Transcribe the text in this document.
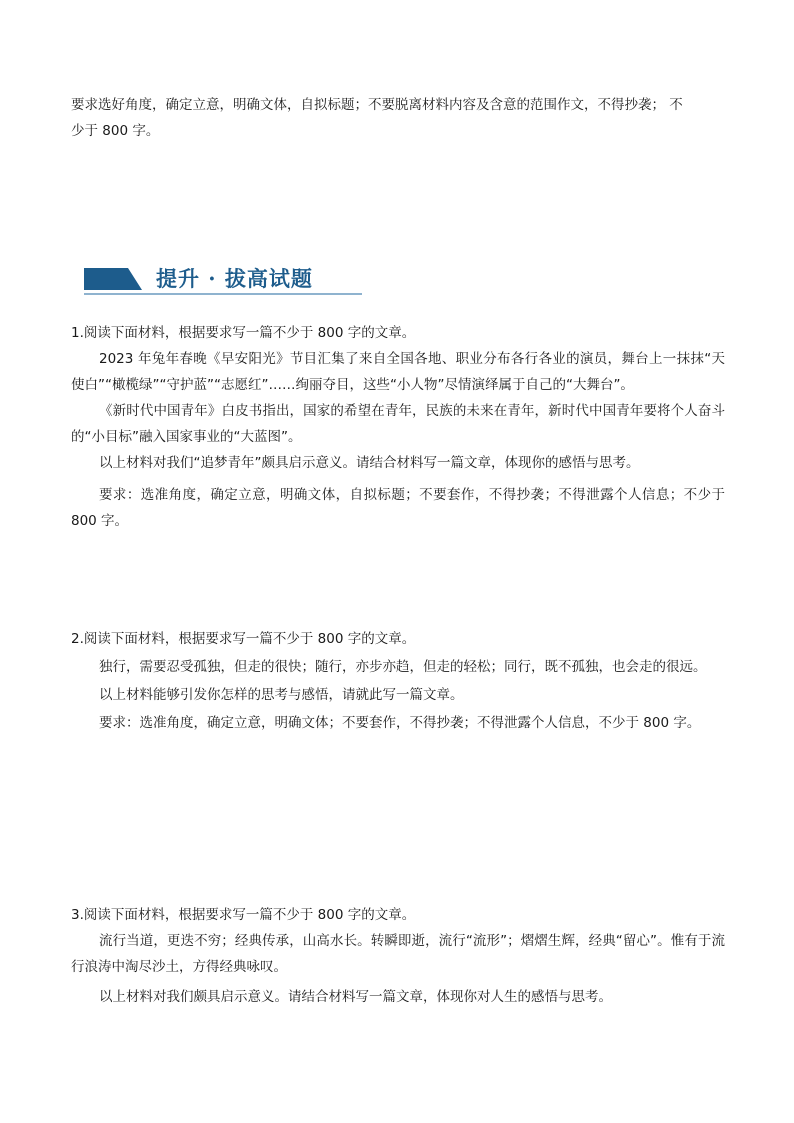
要求选好角度，确定立意，明确文体，自拟标题；不要脱离材料内容及含意的范围作文，不得抄袭； 不
少于 800 字。

提升 · 拔高试题

1.阅读下面材料，根据要求写一篇不少于 800 字的文章。

2023 年兔年春晚《早安阳光》节目汇集了来自全国各地、职业分布各行各业的演员，舞台上一抹抹“天使白”“橄榄绿”“守护蓝”“志愿红”……绚丽夺目，这些“小人物”尽情演绎属于自己的“大舞台”。

《新时代中国青年》白皮书指出，国家的希望在青年，民族的未来在青年，新时代中国青年要将个人奋斗的“小目标”融入国家事业的“大蓝图”。

以上材料对我们“追梦青年”颇具启示意义。请结合材料写一篇文章，体现你的感悟与思考。

要求：选准角度，确定立意，明确文体，自拟标题；不要套作，不得抄袭；不得泄露个人信息；不少于 800 字。

2.阅读下面材料，根据要求写一篇不少于 800 字的文章。

独行，需要忍受孤独，但走的很快；随行，亦步亦趋，但走的轻松；同行，既不孤独，也会走的很远。

以上材料能够引发你怎样的思考与感悟，请就此写一篇文章。

要求：选准角度，确定立意，明确文体；不要套作，不得抄袭；不得泄露个人信息，不少于 800 字。

3.阅读下面材料，根据要求写一篇不少于 800 字的文章。

流行当道，更迭不穷；经典传承，山高水长。转瞬即逝，流行“流形”；熠熠生辉，经典“留心”。惟有于流行浪涛中淘尽沙土，方得经典咏叹。

以上材料对我们颇具启示意义。请结合材料写一篇文章，体现你对人生的感悟与思考。
